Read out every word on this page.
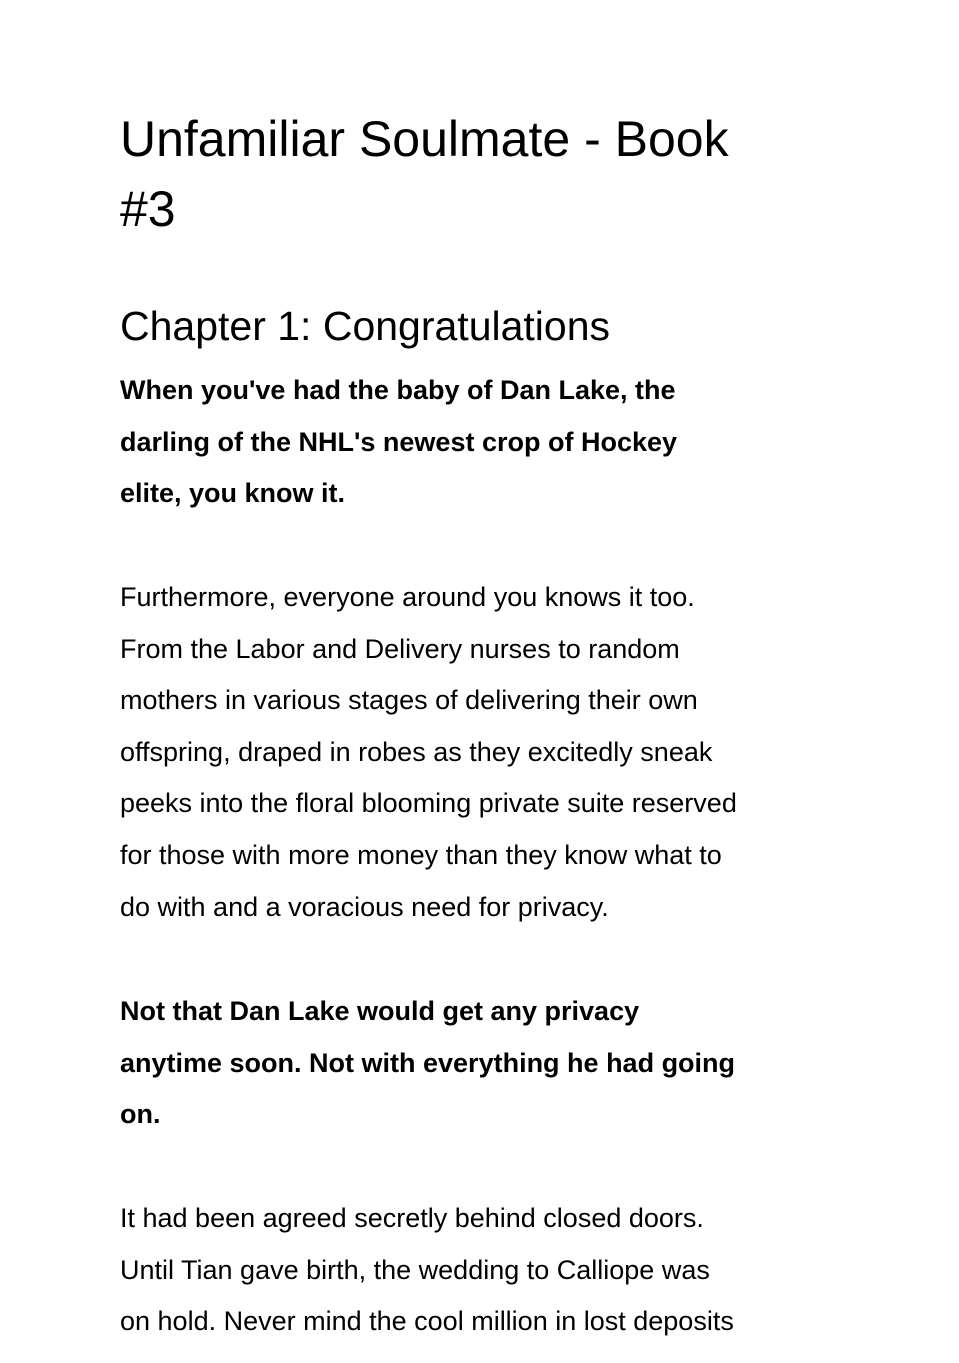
Unfamiliar Soulmate - Book
#3
Chapter 1: Congratulations

When you've had the baby of Dan Lake, the
darling of the NHL's newest crop of Hockey
elite, you know it.

Furthermore, everyone around you knows it too.
From the Labor and Delivery nurses to random
mothers in various stages of delivering their own
offspring, draped in robes as they excitedly sneak
peeks into the floral blooming private suite reserved
for those with more money than they know what to
do with and a voracious need for privacy.

Not that Dan Lake would get any privacy
anytime soon. Not with everything he had going
on.

It had been agreed secretly behind closed doors.
Until Tian gave birth, the wedding to Calliope was
on hold. Never mind the cool million in lost deposits
